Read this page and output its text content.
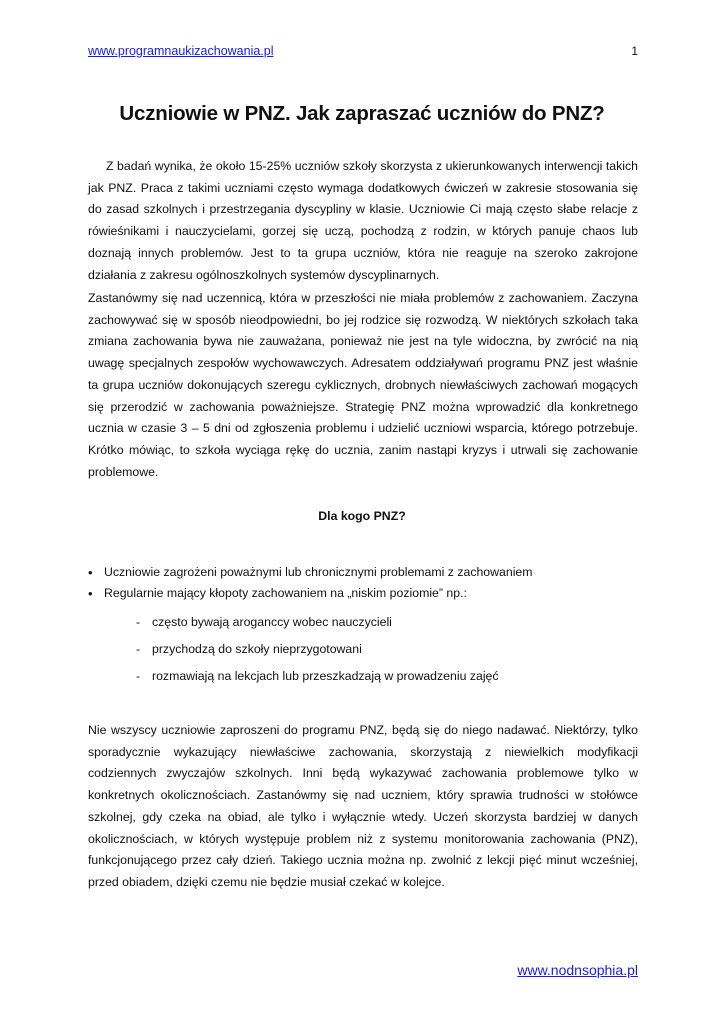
www.programnaukizachowania.pl	1
Uczniowie w PNZ. Jak zapraszać uczniów do PNZ?

Z badań wynika, że około 15-25% uczniów szkoły skorzysta z ukierunkowanych interwencji takich jak PNZ. Praca z takimi uczniami często wymaga dodatkowych ćwiczeń w zakresie stosowania się do zasad szkolnych i przestrzegania dyscypliny w klasie. Uczniowie Ci mają często słabe relacje z rówieśnikami i nauczycielami, gorzej się uczą, pochodzą z rodzin, w których panuje chaos lub doznają innych problemów. Jest to ta grupa uczniów, która nie reaguje na szeroko zakrojone działania z zakresu ogólnoszkolnych systemów dyscyplinarnych.

Zastanówmy się nad uczennicą, która w przeszłości nie miała problemów z zachowaniem. Zaczyna zachowywać się w sposób nieodpowiedni, bo jej rodzice się rozwodzą. W niektórych szkołach taka zmiana zachowania bywa nie zauważana, ponieważ nie jest na tyle widoczna, by zwrócić na nią uwagę specjalnych zespołów wychowawczych. Adresatem oddziaływań programu PNZ jest właśnie ta grupa uczniów dokonujących szeregu cyklicznych, drobnych niewłaściwych zachowań mogących się przerodzić w zachowania poważniejsze. Strategię PNZ można wprowadzić dla konkretnego ucznia w czasie 3 – 5 dni od zgłoszenia problemu i udzielić uczniowi wsparcia, którego potrzebuje. Krótko mówiąc, to szkoła wyciąga rękę do ucznia, zanim nastąpi kryzys i utrwali się zachowanie problemowe.

Dla kogo PNZ?
• Uczniowie zagrożeni poważnymi lub chronicznymi problemami z zachowaniem
• Regularnie mający kłopoty zachowaniem na „niskim poziomie” np.:
- często bywają aroganccy wobec nauczycieli
- przychodzą do szkoły nieprzygotowani
- rozmawiają na lekcjach lub przeszkadzają w prowadzeniu zajęć

Nie wszyscy uczniowie zaproszeni do programu PNZ, będą się do niego nadawać. Niektórzy, tylko sporadycznie wykazujący niewłaściwe zachowania, skorzystają z niewielkich modyfikacji codziennych zwyczajów szkolnych. Inni będą wykazywać zachowania problemowe tylko w konkretnych okolicznościach. Zastanówmy się nad uczniem, który sprawia trudności w stołówce szkolnej, gdy czeka na obiad, ale tylko i wyłącznie wtedy. Uczeń skorzysta bardziej w danych okolicznościach, w których występuje problem niż z systemu monitorowania zachowania (PNZ), funkcjonującego przez cały dzień. Takiego ucznia można np. zwolnić z lekcji pięć minut wcześniej, przed obiadem, dzięki czemu nie będzie musiał czekać w kolejce.

www.nodnsophia.pl
